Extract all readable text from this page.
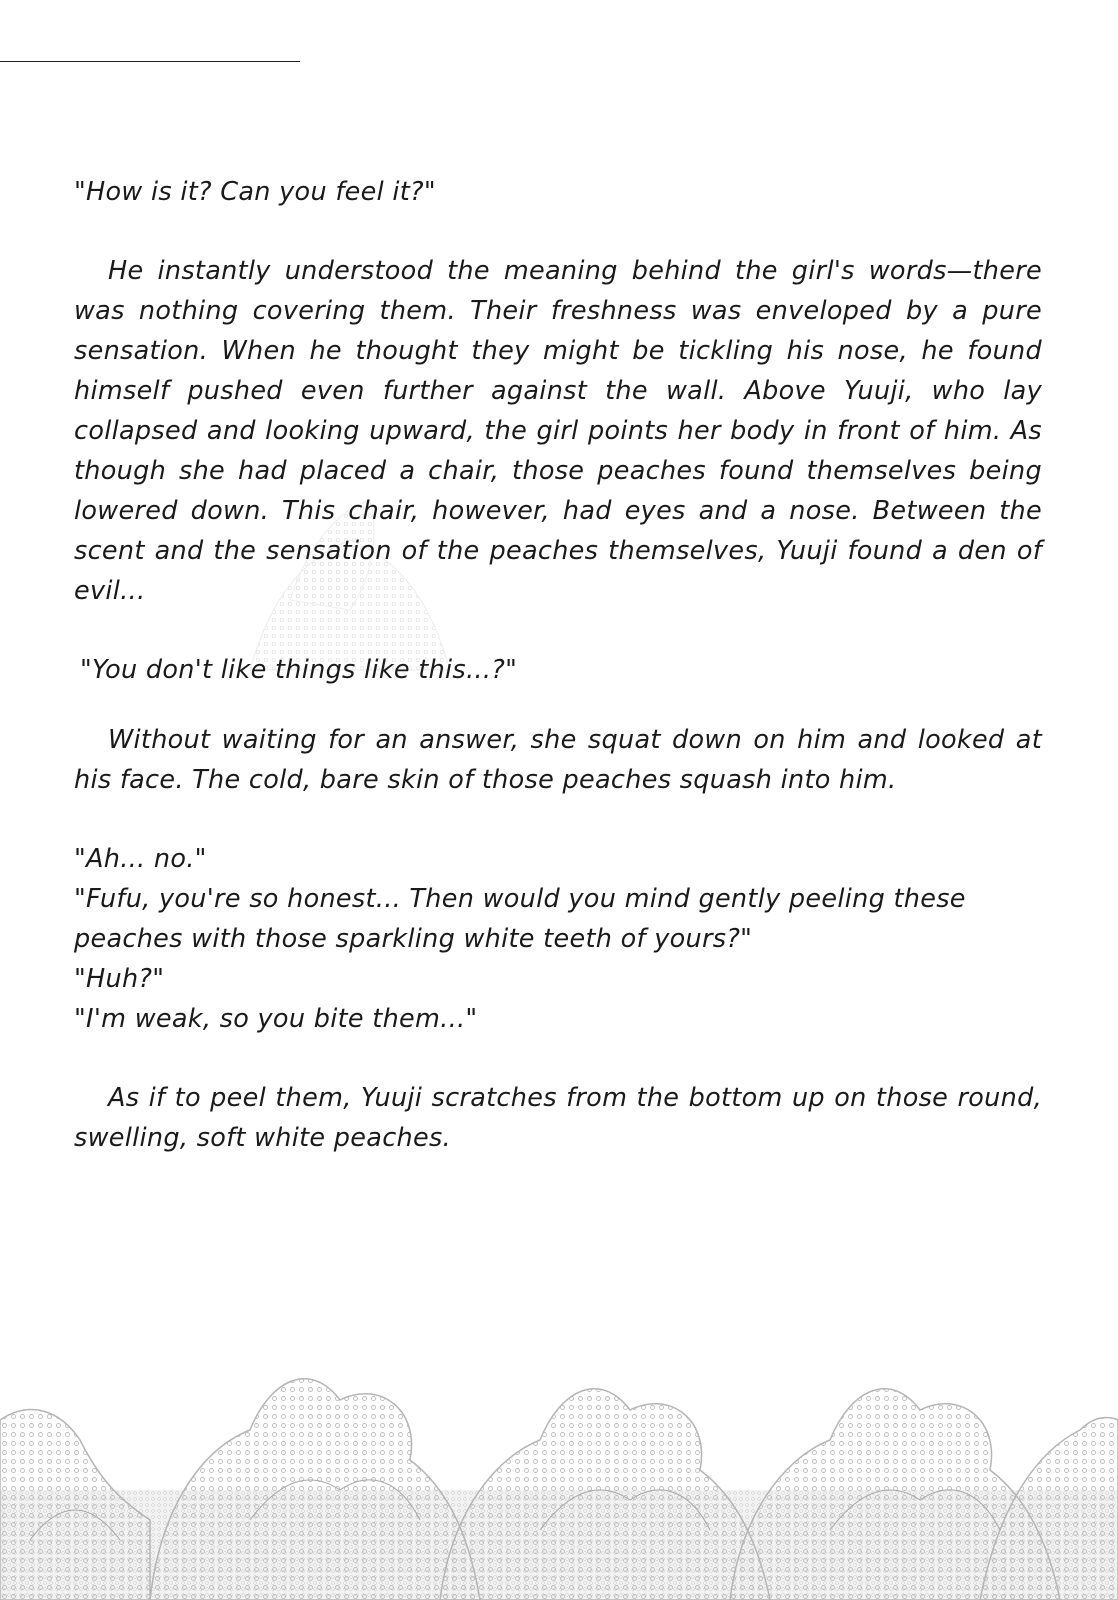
"How is it? Can you feel it?"

He instantly understood the meaning behind the girl's words—there was nothing covering them. Their freshness was enveloped by a pure sensation. When he thought they might be tickling his nose, he found himself pushed even further against the wall. Above Yuuji, who lay collapsed and looking upward, the girl points her body in front of him. As though she had placed a chair, those peaches found themselves being lowered down. This chair, however, had eyes and a nose. Between the scent and the sensation of the peaches themselves, Yuuji found a den of evil...

"You don't like things like this...?"

Without waiting for an answer, she squat down on him and looked at his face. The cold, bare skin of those peaches squash into him.

"Ah... no."

"Fufu, you're so honest... Then would you mind gently peeling these peaches with those sparkling white teeth of yours?"

"Huh?"

"I'm weak, so you bite them..."

As if to peel them, Yuuji scratches from the bottom up on those round, swelling, soft white peaches.
